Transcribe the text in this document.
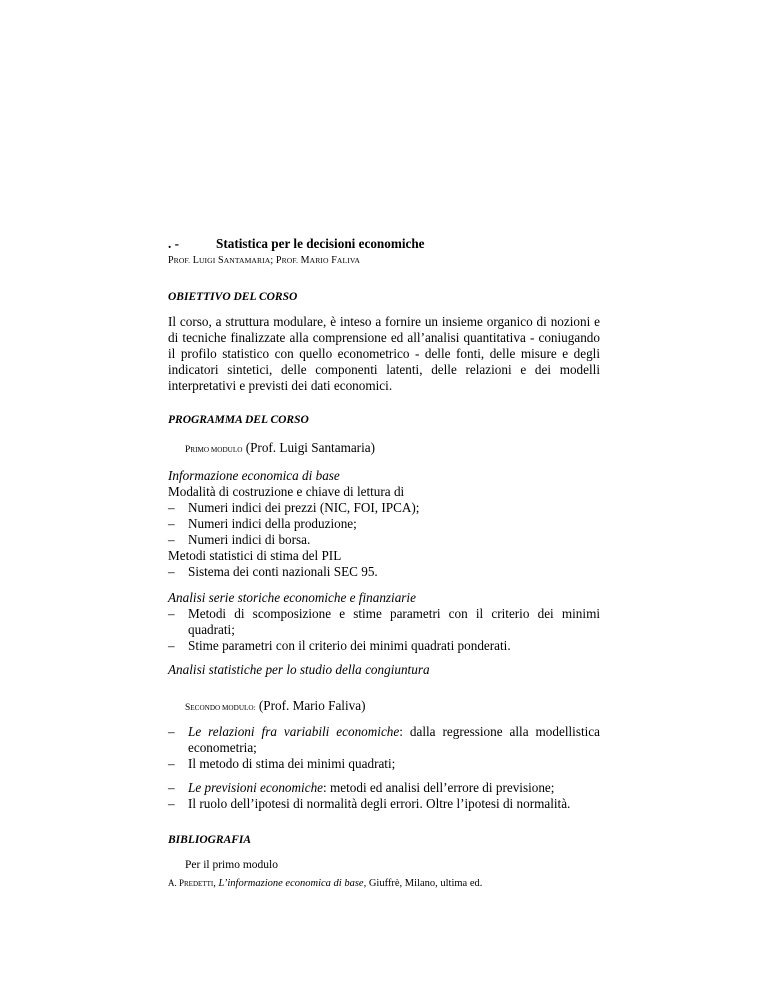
. -	Statistica per le decisioni economiche
PROF. LUIGI SANTAMARIA; PROF. MARIO FALIVA
OBIETTIVO DEL CORSO
Il corso, a struttura modulare, è inteso a fornire un insieme organico di nozioni e di tecniche finalizzate alla comprensione ed all’analisi quantitativa - coniugando il profilo statistico con quello econometrico - delle fonti, delle misure e degli indicatori sintetici, delle componenti latenti, delle relazioni e dei modelli interpretativi e previsti dei dati economici.
PROGRAMMA DEL CORSO
PRIMO MODULO (Prof. Luigi Santamaria)
Informazione economica di base
Modalità di costruzione e chiave di lettura di
–	Numeri indici dei prezzi (NIC, FOI, IPCA);
–	Numeri indici della produzione;
–	Numeri indici di borsa.
Metodi statistici di stima del PIL
–	Sistema dei conti nazionali SEC 95.
Analisi serie storiche economiche e finanziarie
–	Metodi di scomposizione e stime parametri con il criterio dei minimi quadrati;
–	Stime parametri con il criterio dei minimi quadrati ponderati.
Analisi statistiche per lo studio della congiuntura
SECONDO MODULO: (Prof. Mario Faliva)
–	Le relazioni fra variabili economiche: dalla regressione alla modellistica econometria;
–	Il metodo di stima dei minimi quadrati;
–	Le previsioni economiche: metodi ed analisi dell’errore di previsione;
–	Il ruolo dell’ipotesi di normalità degli errori. Oltre l’ipotesi di normalità.
BIBLIOGRAFIA
Per il primo modulo
A. PREDETTI, L’informazione economica di base, Giuffrè, Milano, ultima ed.
